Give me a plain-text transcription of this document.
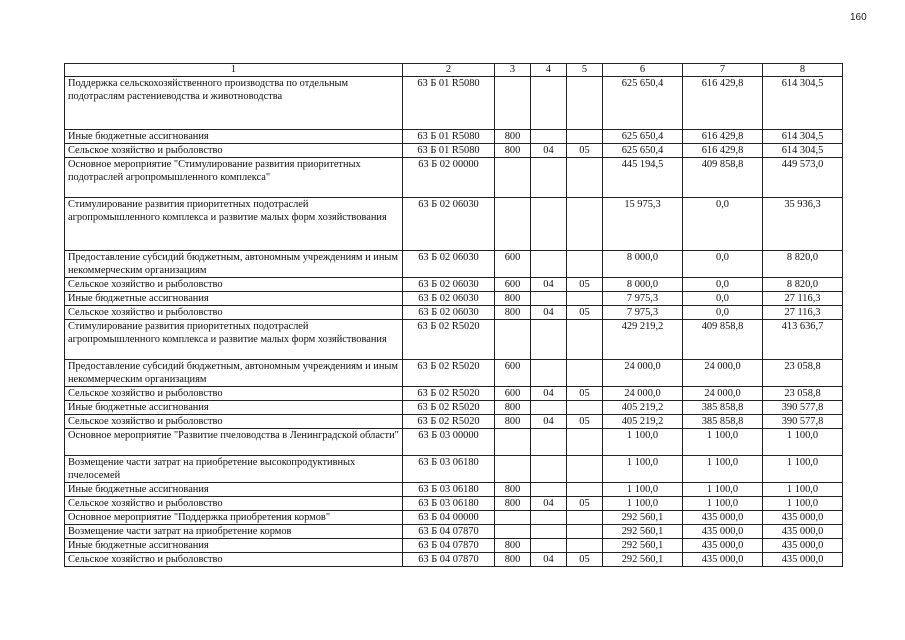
160
1	2	3	4	5	6	7	8
Поддержка сельскохозяйственного производства по отдельным подотраслям растениеводства и животноводства	63 Б 01 R5080				625 650,4	616 429,8	614 304,5
Иные бюджетные ассигнования	63 Б 01 R5080	800			625 650,4	616 429,8	614 304,5
Сельское хозяйство и рыболовство	63 Б 01 R5080	800	04	05	625 650,4	616 429,8	614 304,5
Основное мероприятие "Стимулирование развития приоритетных подотраслей агропромышленного комплекса"	63 Б 02 00000				445 194,5	409 858,8	449 573,0
Стимулирование развития приоритетных подотраслей агропромышленного комплекса и развитие малых форм хозяйствования	63 Б 02 06030				15 975,3	0,0	35 936,3
Предоставление субсидий бюджетным, автономным учреждениям и иным некоммерческим организациям	63 Б 02 06030	600			8 000,0	0,0	8 820,0
Сельское хозяйство и рыболовство	63 Б 02 06030	600	04	05	8 000,0	0,0	8 820,0
Иные бюджетные ассигнования	63 Б 02 06030	800			7 975,3	0,0	27 116,3
Сельское хозяйство и рыболовство	63 Б 02 06030	800	04	05	7 975,3	0,0	27 116,3
Стимулирование развития приоритетных подотраслей агропромышленного комплекса и развитие малых форм хозяйствования	63 Б 02 R5020				429 219,2	409 858,8	413 636,7
Предоставление субсидий бюджетным, автономным учреждениям и иным некоммерческим организациям	63 Б 02 R5020	600			24 000,0	24 000,0	23 058,8
Сельское хозяйство и рыболовство	63 Б 02 R5020	600	04	05	24 000,0	24 000,0	23 058,8
Иные бюджетные ассигнования	63 Б 02 R5020	800			405 219,2	385 858,8	390 577,8
Сельское хозяйство и рыболовство	63 Б 02 R5020	800	04	05	405 219,2	385 858,8	390 577,8
Основное мероприятие "Развитие пчеловодства в Ленинградской области"	63 Б 03 00000				1 100,0	1 100,0	1 100,0
Возмещение части затрат на приобретение высокопродуктивных пчелосемей	63 Б 03 06180				1 100,0	1 100,0	1 100,0
Иные бюджетные ассигнования	63 Б 03 06180	800			1 100,0	1 100,0	1 100,0
Сельское хозяйство и рыболовство	63 Б 03 06180	800	04	05	1 100,0	1 100,0	1 100,0
Основное мероприятие "Поддержка приобретения кормов"	63 Б 04 00000				292 560,1	435 000,0	435 000,0
Возмещение части затрат на приобретение кормов	63 Б 04 07870				292 560,1	435 000,0	435 000,0
Иные бюджетные ассигнования	63 Б 04 07870	800			292 560,1	435 000,0	435 000,0
Сельское хозяйство и рыболовство	63 Б 04 07870	800	04	05	292 560,1	435 000,0	435 000,0
